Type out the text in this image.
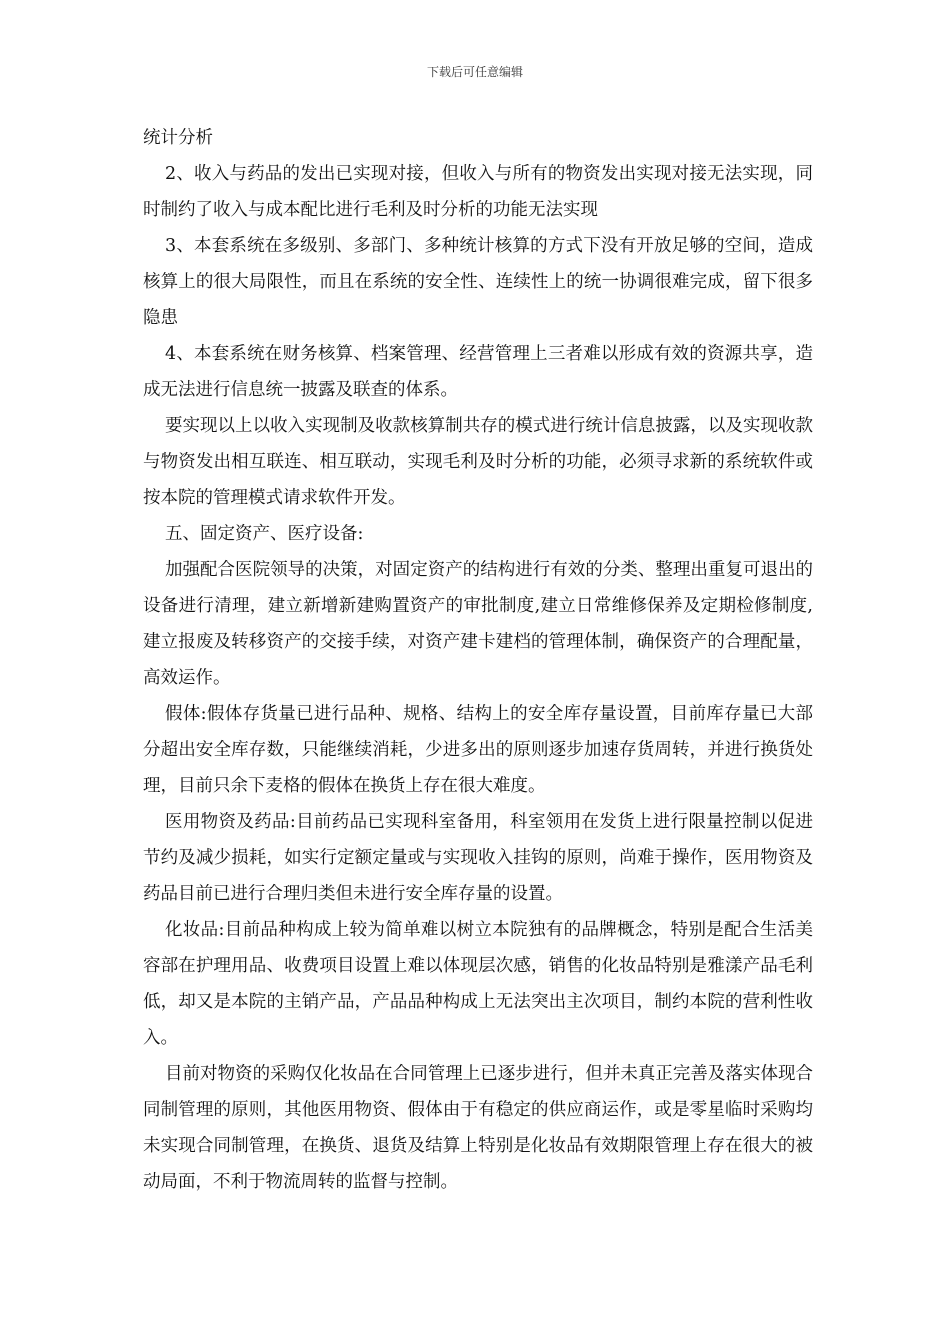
下载后可任意编辑

统计分析

2、收入与药品的发出已实现对接，但收入与所有的物资发出实现对接无法实现，同时制约了收入与成本配比进行毛利及时分析的功能无法实现

3、本套系统在多级别、多部门、多种统计核算的方式下没有开放足够的空间，造成核算上的很大局限性，而且在系统的安全性、连续性上的统一协调很难完成，留下很多隐患

4、本套系统在财务核算、档案管理、经营管理上三者难以形成有效的资源共享，造成无法进行信息统一披露及联查的体系。

要实现以上以收入实现制及收款核算制共存的模式进行统计信息披露，以及实现收款与物资发出相互联连、相互联动，实现毛利及时分析的功能，必须寻求新的系统软件或按本院的管理模式请求软件开发。

五、固定资产、医疗设备:

加强配合医院领导的决策，对固定资产的结构进行有效的分类、整理出重复可退出的设备进行清理，建立新增新建购置资产的审批制度,建立日常维修保养及定期检修制度,建立报废及转移资产的交接手续，对资产建卡建档的管理体制，确保资产的合理配量，高效运作。

假体:假体存货量已进行品种、规格、结构上的安全库存量设置，目前库存量已大部分超出安全库存数，只能继续消耗，少进多出的原则逐步加速存货周转，并进行换货处理，目前只余下麦格的假体在换货上存在很大难度。

医用物资及药品:目前药品已实现科室备用，科室领用在发货上进行限量控制以促进节约及减少损耗，如实行定额定量或与实现收入挂钩的原则，尚难于操作，医用物资及药品目前已进行合理归类但未进行安全库存量的设置。

化妆品:目前品种构成上较为简单难以树立本院独有的品牌概念，特别是配合生活美容部在护理用品、收费项目设置上难以体现层次感，销售的化妆品特别是雅漾产品毛利低，却又是本院的主销产品，产品品种构成上无法突出主次项目，制约本院的营利性收入。

目前对物资的采购仅化妆品在合同管理上已逐步进行，但并未真正完善及落实体现合同制管理的原则，其他医用物资、假体由于有稳定的供应商运作，或是零星临时采购均未实现合同制管理，在换货、退货及结算上特别是化妆品有效期限管理上存在很大的被动局面，不利于物流周转的监督与控制。
